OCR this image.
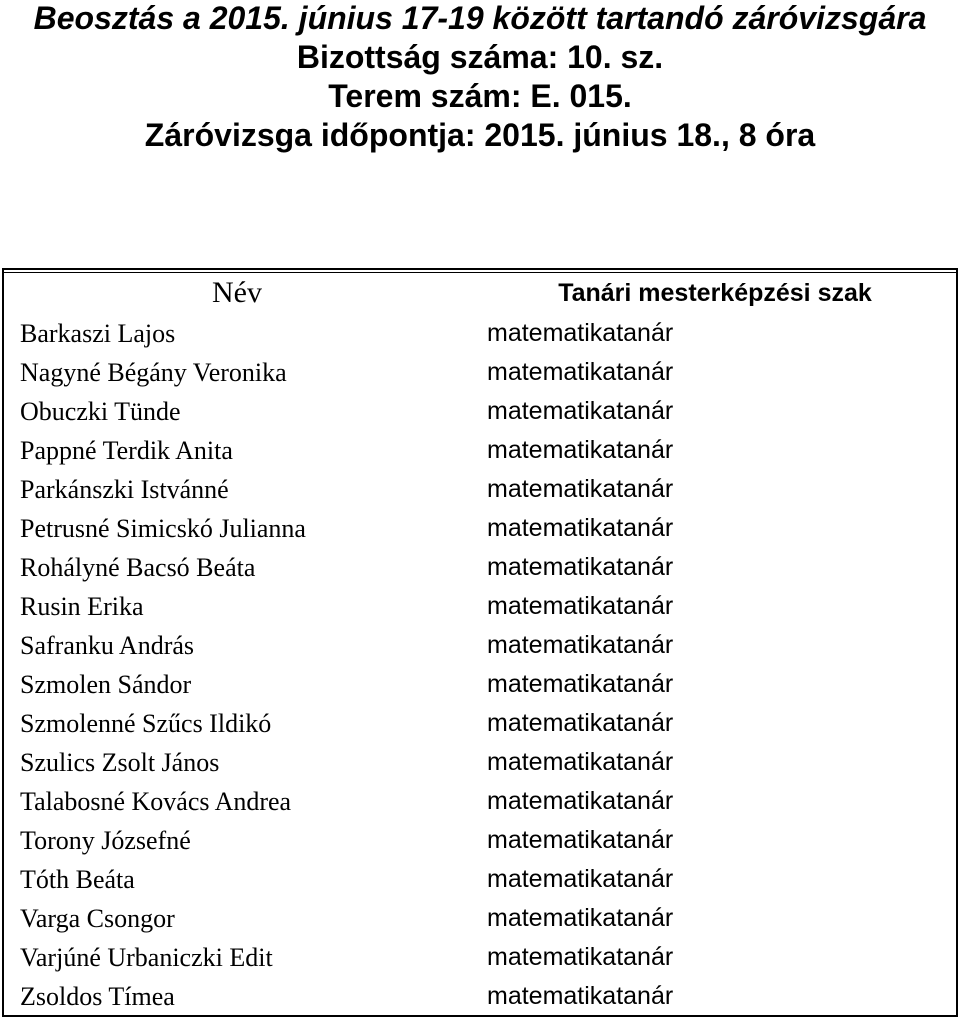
Beosztás a 2015. június 17-19 között tartandó záróvizsgára
Bizottság száma: 10. sz.
Terem szám: E. 015.
Záróvizsga időpontja: 2015. június 18., 8 óra
Név	Tanári mesterképzési szak
Barkaszi Lajos	matematikatanár
Nagyné Bégány Veronika	matematikatanár
Obuczki Tünde	matematikatanár
Pappné Terdik Anita	matematikatanár
Parkánszki Istvánné	matematikatanár
Petrusné Simicskó Julianna	matematikatanár
Rohályné Bacsó Beáta	matematikatanár
Rusin Erika	matematikatanár
Safranku András	matematikatanár
Szmolen Sándor	matematikatanár
Szmolenné Szűcs Ildikó	matematikatanár
Szulics Zsolt János	matematikatanár
Talabosné Kovács Andrea	matematikatanár
Torony Józsefné	matematikatanár
Tóth Beáta	matematikatanár
Varga Csongor	matematikatanár
Varjúné Urbaniczki Edit	matematikatanár
Zsoldos Tímea	matematikatanár
